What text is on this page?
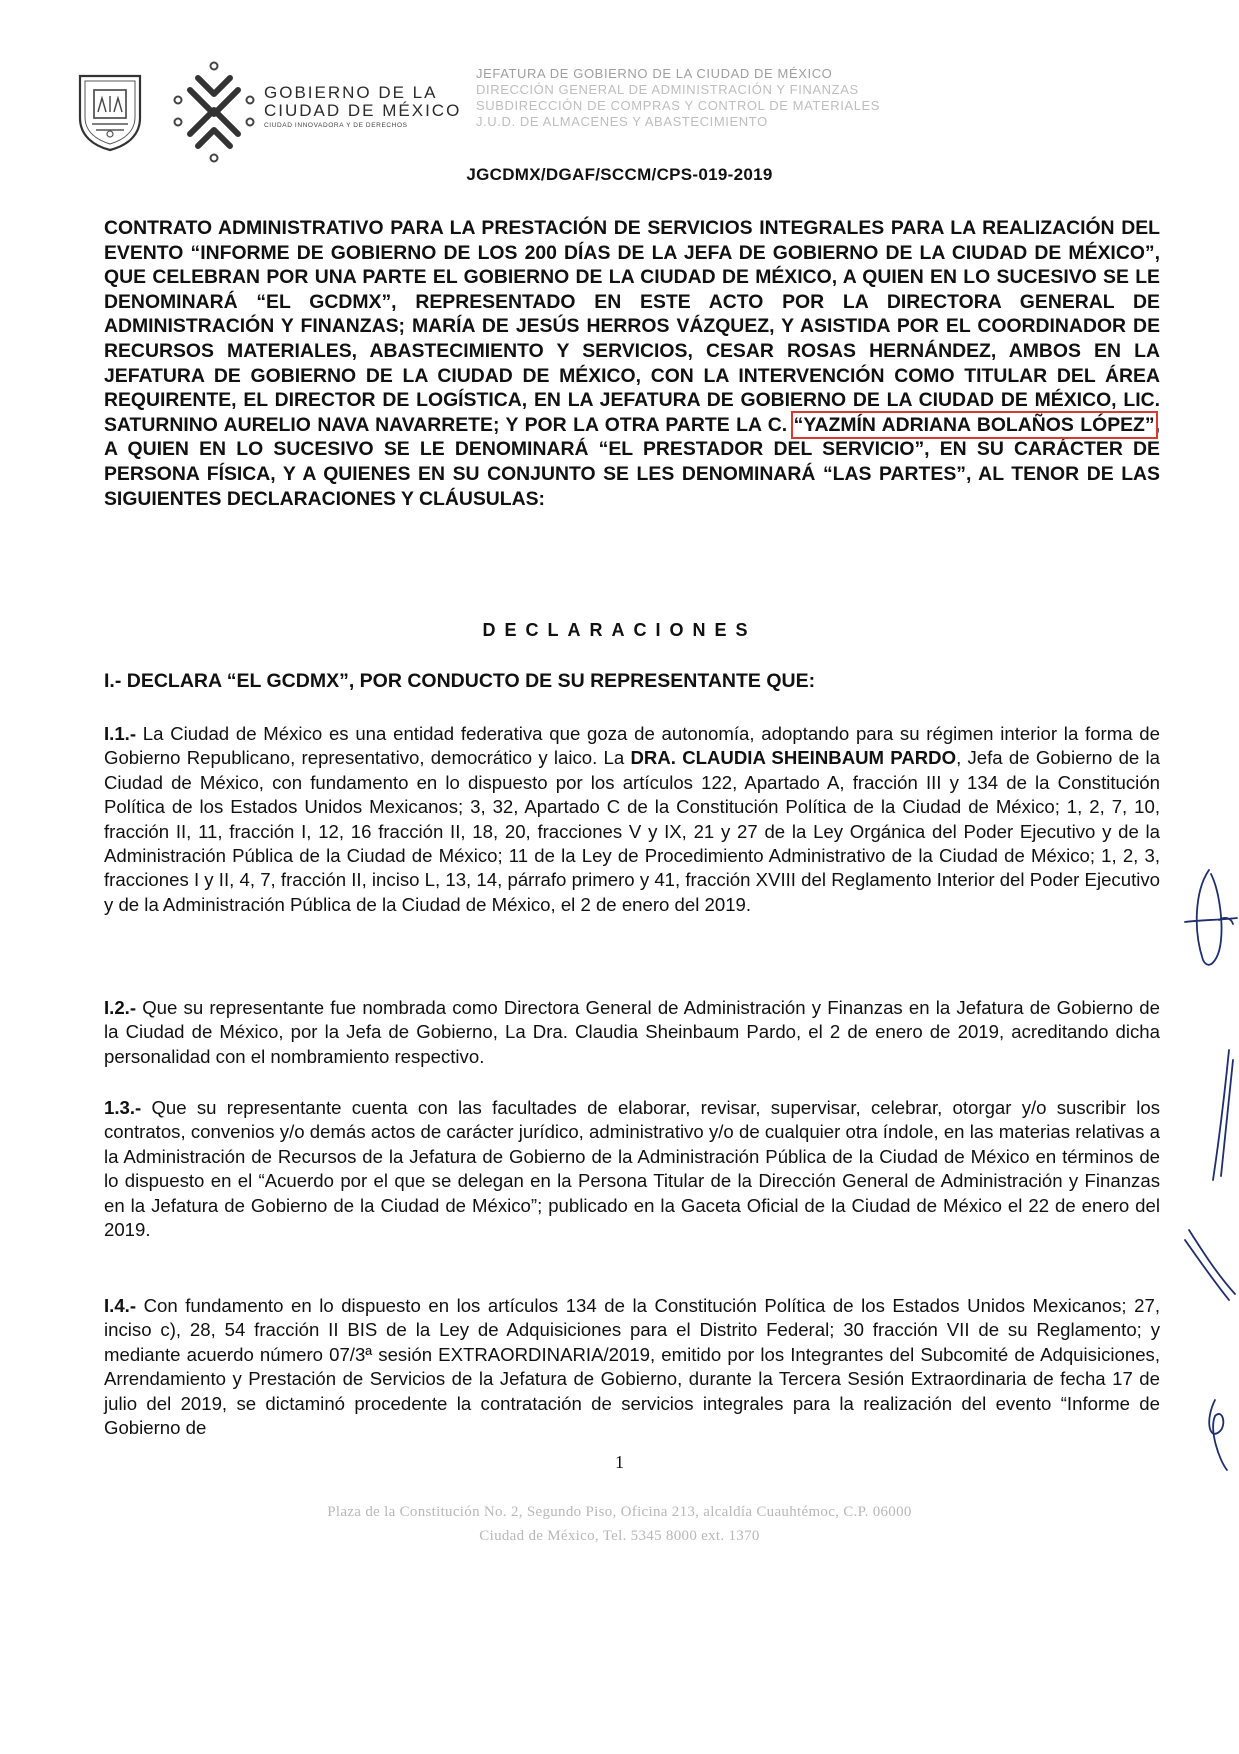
GOBIERNO DE LA
CIUDAD DE MÉXICO
CIUDAD INNOVADORA Y DE DERECHOS
JEFATURA DE GOBIERNO DE LA CIUDAD DE MÉXICO
DIRECCIÓN GENERAL DE ADMINISTRACIÓN Y FINANZAS
SUBDIRECCIÓN DE COMPRAS Y CONTROL DE MATERIALES
J.U.D. DE ALMACENES Y ABASTECIMIENTO
JGCDMX/DGAF/SCCM/CPS-019-2019
CONTRATO ADMINISTRATIVO PARA LA PRESTACIÓN DE SERVICIOS INTEGRALES PARA LA REALIZACIÓN DEL EVENTO “INFORME DE GOBIERNO DE LOS 200 DÍAS DE LA JEFA DE GOBIERNO DE LA CIUDAD DE MÉXICO”, QUE CELEBRAN POR UNA PARTE EL GOBIERNO DE LA CIUDAD DE MÉXICO, A QUIEN EN LO SUCESIVO SE LE DENOMINARÁ “EL GCDMX”, REPRESENTADO EN ESTE ACTO POR LA DIRECTORA GENERAL DE ADMINISTRACIÓN Y FINANZAS; MARÍA DE JESÚS HERROS VÁZQUEZ, Y ASISTIDA POR EL COORDINADOR DE RECURSOS MATERIALES, ABASTECIMIENTO Y SERVICIOS, CESAR ROSAS HERNÁNDEZ, AMBOS EN LA JEFATURA DE GOBIERNO DE LA CIUDAD DE MÉXICO, CON LA INTERVENCIÓN COMO TITULAR DEL ÁREA REQUIRENTE, EL DIRECTOR DE LOGÍSTICA, EN LA JEFATURA DE GOBIERNO DE LA CIUDAD DE MÉXICO, LIC. SATURNINO AURELIO NAVA NAVARRETE; Y POR LA OTRA PARTE LA C. “YAZMÍN ADRIANA BOLAÑOS LÓPEZ”, A QUIEN EN LO SUCESIVO SE LE DENOMINARÁ “EL PRESTADOR DEL SERVICIO”, EN SU CARÁCTER DE PERSONA FÍSICA, Y A QUIENES EN SU CONJUNTO SE LES DENOMINARÁ “LAS PARTES”, AL TENOR DE LAS SIGUIENTES DECLARACIONES Y CLÁUSULAS:
DECLARACIONES
I.- DECLARA “EL GCDMX”, POR CONDUCTO DE SU REPRESENTANTE QUE:
I.1.- La Ciudad de México es una entidad federativa que goza de autonomía, adoptando para su régimen interior la forma de Gobierno Republicano, representativo, democrático y laico. La DRA. CLAUDIA SHEINBAUM PARDO, Jefa de Gobierno de la Ciudad de México, con fundamento en lo dispuesto por los artículos 122, Apartado A, fracción III y 134 de la Constitución Política de los Estados Unidos Mexicanos; 3, 32, Apartado C de la Constitución Política de la Ciudad de México; 1, 2, 7, 10, fracción II, 11, fracción I, 12, 16 fracción II, 18, 20, fracciones V y IX, 21 y 27 de la Ley Orgánica del Poder Ejecutivo y de la Administración Pública de la Ciudad de México; 11 de la Ley de Procedimiento Administrativo de la Ciudad de México; 1, 2, 3, fracciones I y II, 4, 7, fracción II, inciso L, 13, 14, párrafo primero y 41, fracción XVIII del Reglamento Interior del Poder Ejecutivo y de la Administración Pública de la Ciudad de México, el 2 de enero del 2019.
I.2.- Que su representante fue nombrada como Directora General de Administración y Finanzas en la Jefatura de Gobierno de la Ciudad de México, por la Jefa de Gobierno, La Dra. Claudia Sheinbaum Pardo, el 2 de enero de 2019, acreditando dicha personalidad con el nombramiento respectivo.
1.3.- Que su representante cuenta con las facultades de elaborar, revisar, supervisar, celebrar, otorgar y/o suscribir los contratos, convenios y/o demás actos de carácter jurídico, administrativo y/o de cualquier otra índole, en las materias relativas a la Administración de Recursos de la Jefatura de Gobierno de la Administración Pública de la Ciudad de México en términos de lo dispuesto en el “Acuerdo por el que se delegan en la Persona Titular de la Dirección General de Administración y Finanzas en la Jefatura de Gobierno de la Ciudad de México”; publicado en la Gaceta Oficial de la Ciudad de México el 22 de enero del 2019.
I.4.- Con fundamento en lo dispuesto en los artículos 134 de la Constitución Política de los Estados Unidos Mexicanos; 27, inciso c), 28, 54 fracción II BIS de la Ley de Adquisiciones para el Distrito Federal; 30 fracción VII de su Reglamento; y mediante acuerdo número 07/3ª sesión EXTRAORDINARIA/2019, emitido por los Integrantes del Subcomité de Adquisiciones, Arrendamiento y Prestación de Servicios de la Jefatura de Gobierno, durante la Tercera Sesión Extraordinaria de fecha 17 de julio del 2019, se dictaminó procedente la contratación de servicios integrales para la realización del evento “Informe de Gobierno de
1
Plaza de la Constitución No. 2, Segundo Piso, Oficina 213, alcaldía Cuauhtémoc, C.P. 06000
Ciudad de México, Tel. 5345 8000 ext. 1370
